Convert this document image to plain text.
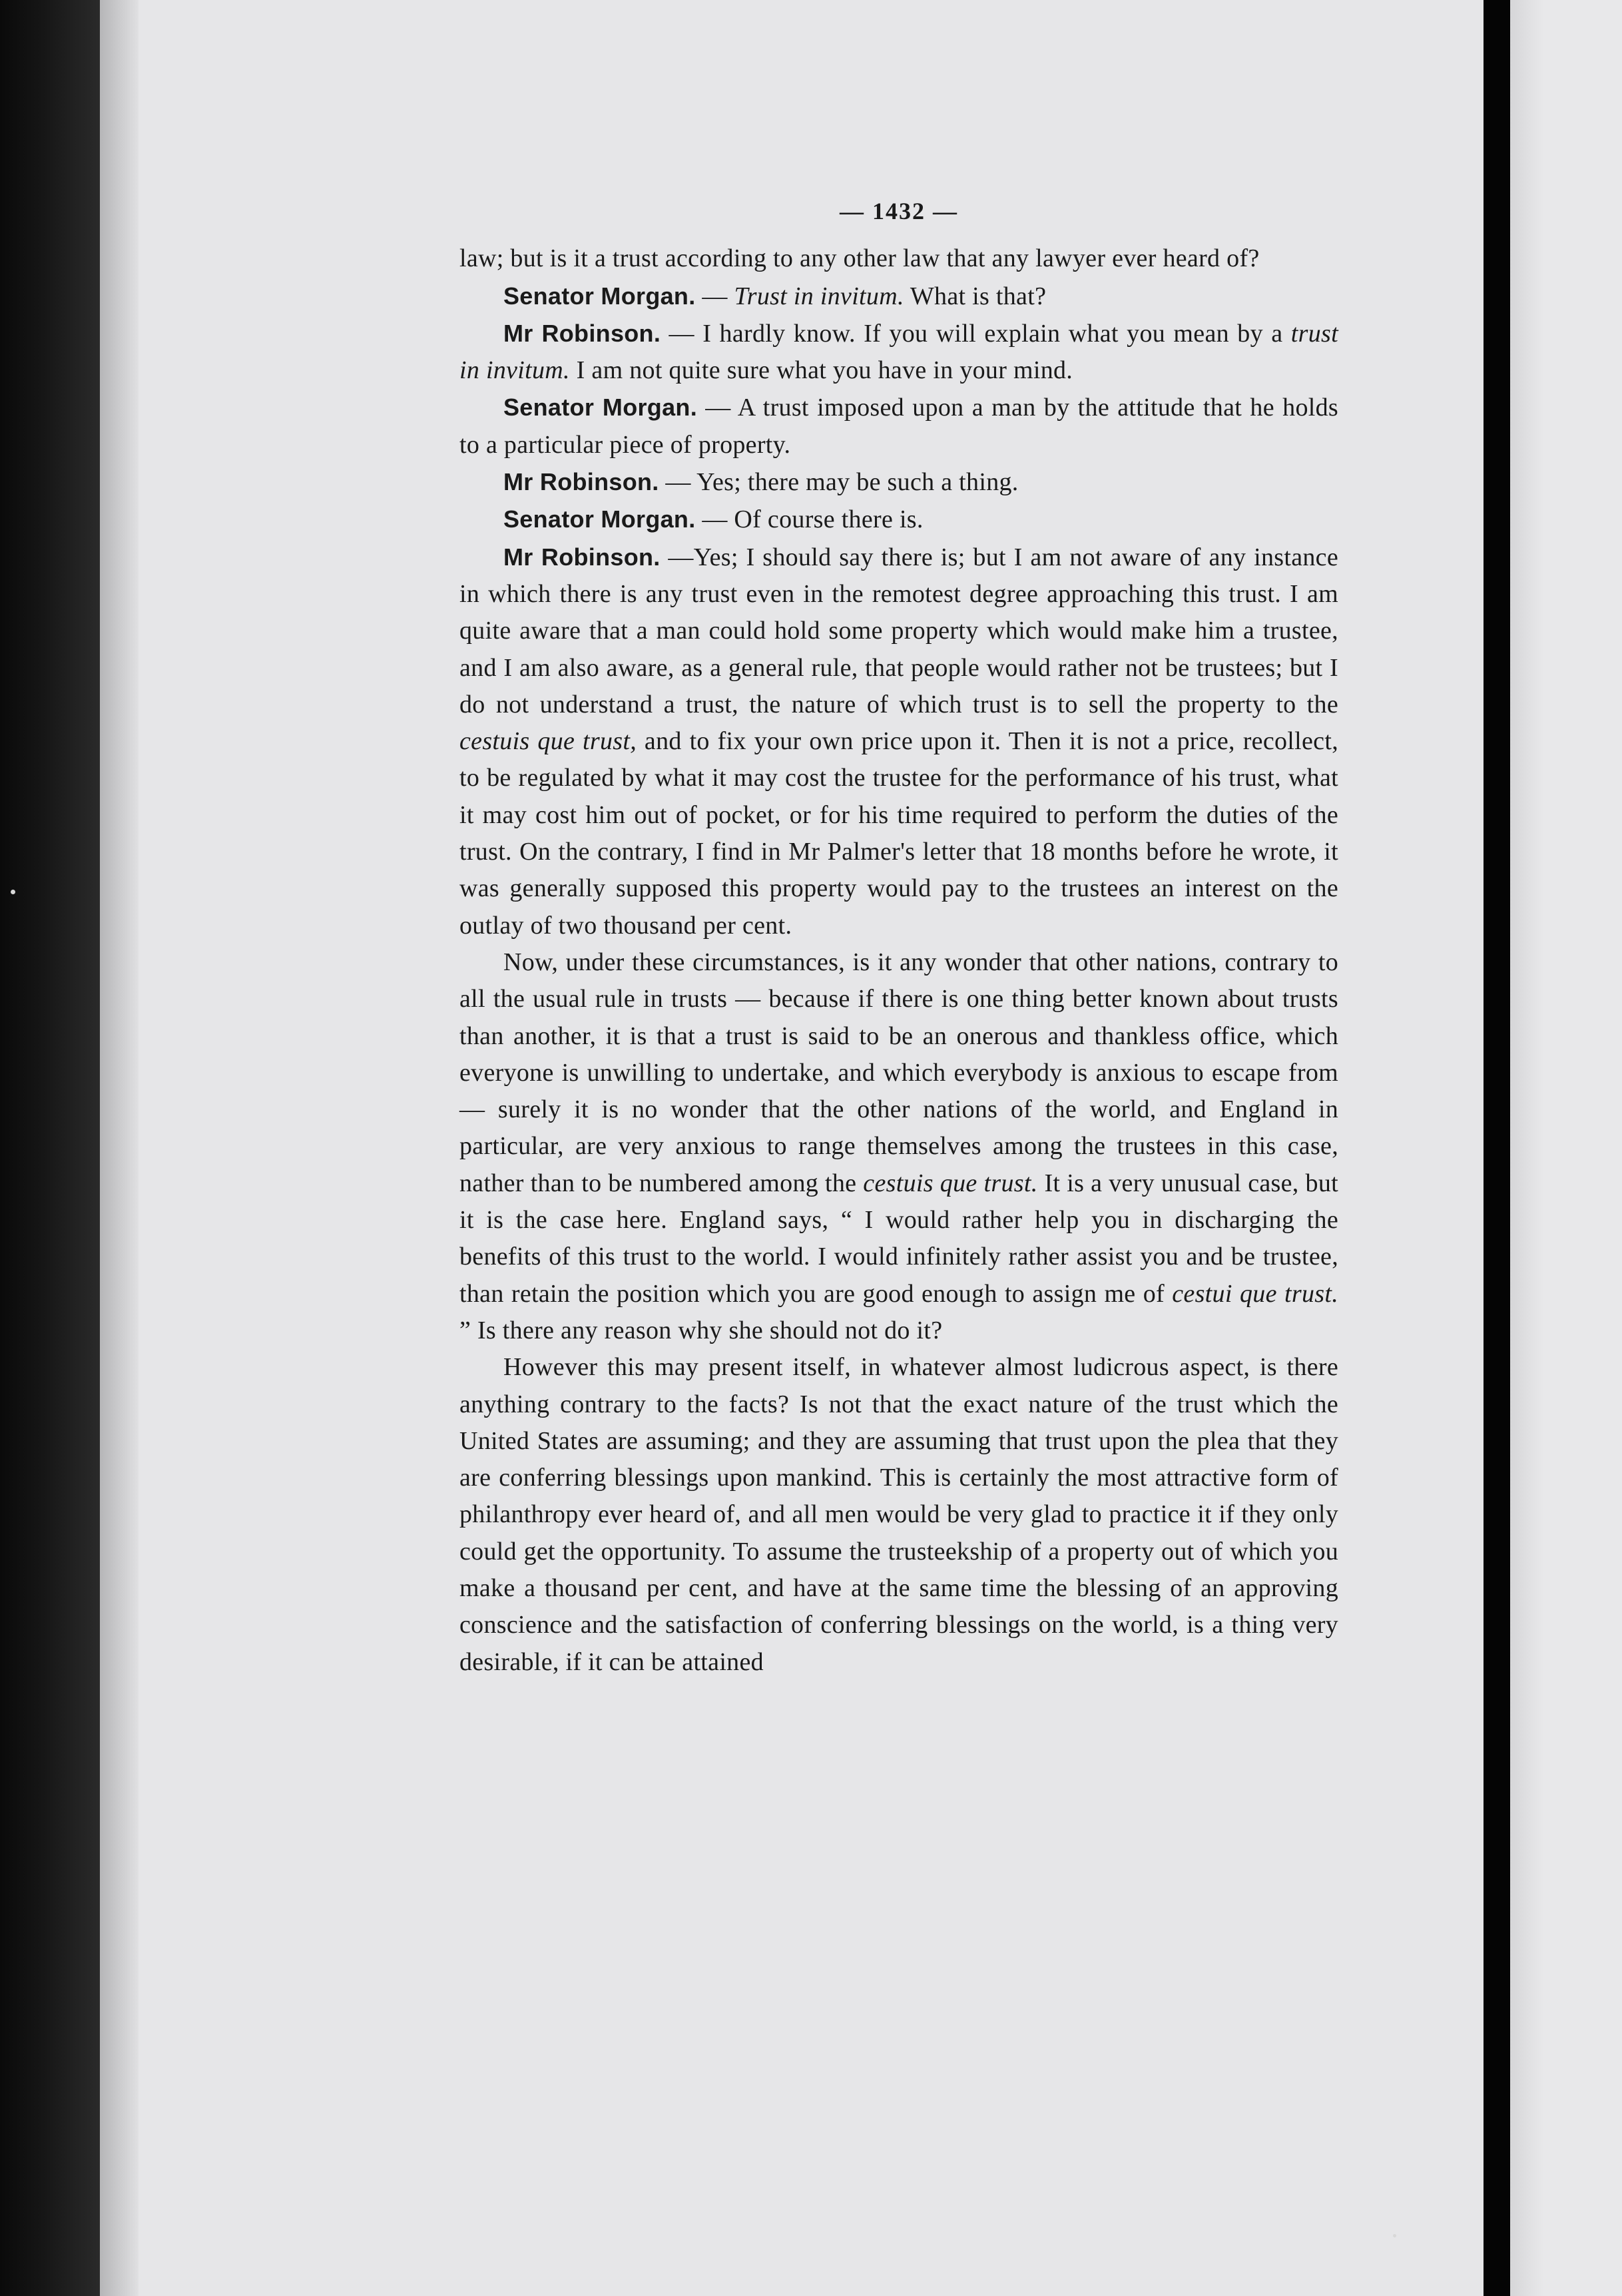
— 1432 —

law; but is it a trust according to any other law that any lawyer ever heard of?

Senator Morgan. — Trust in invitum. What is that?

Mr Robinson. — I hardly know. If you will explain what you mean by a trust in invitum. I am not quite sure what you have in your mind.

Senator Morgan. — A trust imposed upon a man by the attitude that he holds to a particular piece of property.

Mr Robinson. — Yes; there may be such a thing.

Senator Morgan. — Of course there is.

Mr Robinson. —Yes; I should say there is; but I am not aware of any instance in which there is any trust even in the remotest degree approaching this trust. I am quite aware that a man could hold some property which would make him a trustee, and I am also aware, as a general rule, that people would rather not be trustees; but I do not understand a trust, the nature of which trust is to sell the property to the cestuis que trust, and to fix your own price upon it. Then it is not a price, recollect, to be regulated by what it may cost the trustee for the performance of his trust, what it may cost him out of pocket, or for his time required to perform the duties of the trust. On the contrary, I find in Mr Palmer's letter that 18 months before he wrote, it was generally supposed this property would pay to the trustees an interest on the outlay of two thousand per cent.

Now, under these circumstances, is it any wonder that other nations, contrary to all the usual rule in trusts — because if there is one thing better known about trusts than another, it is that a trust is said to be an onerous and thankless office, which everyone is unwilling to undertake, and which everybody is anxious to escape from — surely it is no wonder that the other nations of the world, and England in particular, are very anxious to range themselves among the trustees in this case, nather than to be numbered among the cestuis que trust. It is a very unusual case, but it is the case here. England says, “ I would rather help you in discharging the benefits of this trust to the world. I would infinitely rather assist you and be trustee, than retain the position which you are good enough to assign me of cestui que trust. ” Is there any reason why she should not do it?

However this may present itself, in whatever almost ludicrous aspect, is there anything contrary to the facts? Is not that the exact nature of the trust which the United States are assuming; and they are assuming that trust upon the plea that they are conferring blessings upon mankind. This is certainly the most attractive form of philanthropy ever heard of, and all men would be very glad to practice it if they only could get the opportunity. To assume the trusteekship of a property out of which you make a thousand per cent, and have at the same time the blessing of an approving conscience and the satisfaction of conferring blessings on the world, is a thing very desirable, if it can be attained
